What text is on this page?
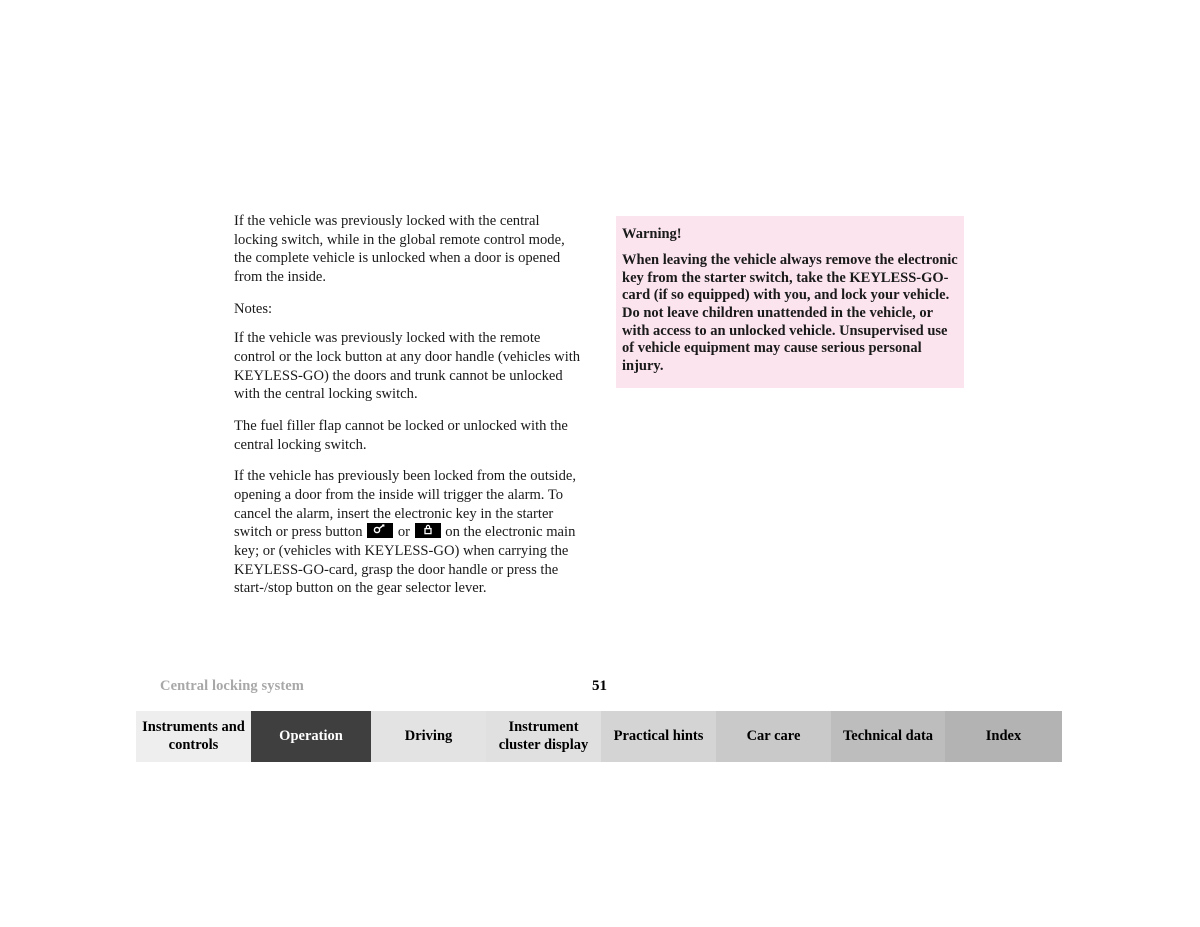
If the vehicle was previously locked with the central locking switch, while in the global remote control mode, the complete vehicle is unlocked when a door is opened from the inside.

Notes:

If the vehicle was previously locked with the remote control or the lock button at any door handle (vehicles with KEYLESS-GO) the doors and trunk cannot be unlocked with the central locking switch.

The fuel filler flap cannot be locked or unlocked with the central locking switch.

If the vehicle has previously been locked from the outside, opening a door from the inside will trigger the alarm. To cancel the alarm, insert the electronic key in the starter switch or press button or on the electronic main key; or (vehicles with KEYLESS-GO) when carrying the KEYLESS-GO-card, grasp the door handle or press the start-/stop button on the gear selector lever.

Warning!
When leaving the vehicle always remove the electronic key from the starter switch, take the KEYLESS-GO-card (if so equipped) with you, and lock your vehicle. Do not leave children unattended in the vehicle, or with access to an unlocked vehicle. Unsupervised use of vehicle equipment may cause serious personal injury.
Central locking system	51
Instruments and controls
Operation	Driving
Instrument cluster display
Practical hints	Car care	Technical data	Index
